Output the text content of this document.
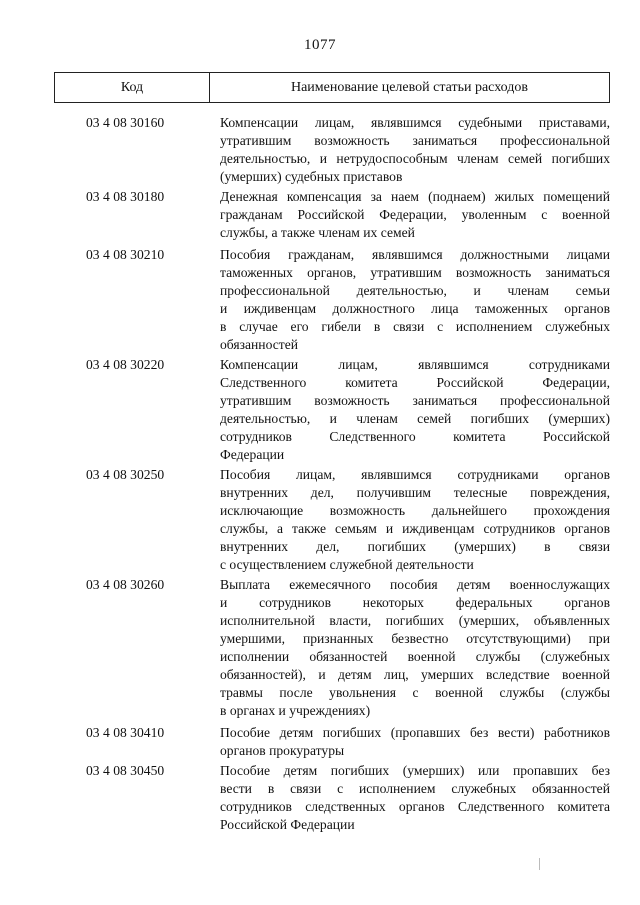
1077
Код	Наименование целевой статьи расходов
03 4 08 30160	Компенсации лицам, являвшимся судебными приставами,
утратившим возможность заниматься профессиональной
деятельностью, и нетрудоспособным членам семей погибших
(умерших) судебных приставов
03 4 08 30180	Денежная компенсация за наем (поднаем) жилых помещений
гражданам Российской Федерации, уволенным с военной
службы, а также членам их семей
03 4 08 30210	Пособия гражданам, являвшимся должностными лицами
таможенных органов, утратившим возможность заниматься
профессиональной деятельностью, и членам семьи
и иждивенцам должностного лица таможенных органов
в случае его гибели в связи с исполнением служебных
обязанностей
03 4 08 30220	Компенсации лицам, являвшимся сотрудниками
Следственного комитета Российской Федерации,
утратившим возможность заниматься профессиональной
деятельностью, и членам семей погибших (умерших)
сотрудников Следственного комитета Российской
Федерации
03 4 08 30250	Пособия лицам, являвшимся сотрудниками органов
внутренних дел, получившим телесные повреждения,
исключающие возможность дальнейшего прохождения
службы, а также семьям и иждивенцам сотрудников органов
внутренних дел, погибших (умерших) в связи
с осуществлением служебной деятельности
03 4 08 30260	Выплата ежемесячного пособия детям военнослужащих
и сотрудников некоторых федеральных органов
исполнительной власти, погибших (умерших, объявленных
умершими, признанных безвестно отсутствующими) при
исполнении обязанностей военной службы (служебных
обязанностей), и детям лиц, умерших вследствие военной
травмы после увольнения с военной службы (службы
в органах и учреждениях)
03 4 08 30410	Пособие детям погибших (пропавших без вести) работников
органов прокуратуры
03 4 08 30450	Пособие детям погибших (умерших) или пропавших без
вести в связи с исполнением служебных обязанностей
сотрудников следственных органов Следственного комитета
Российской Федерации
